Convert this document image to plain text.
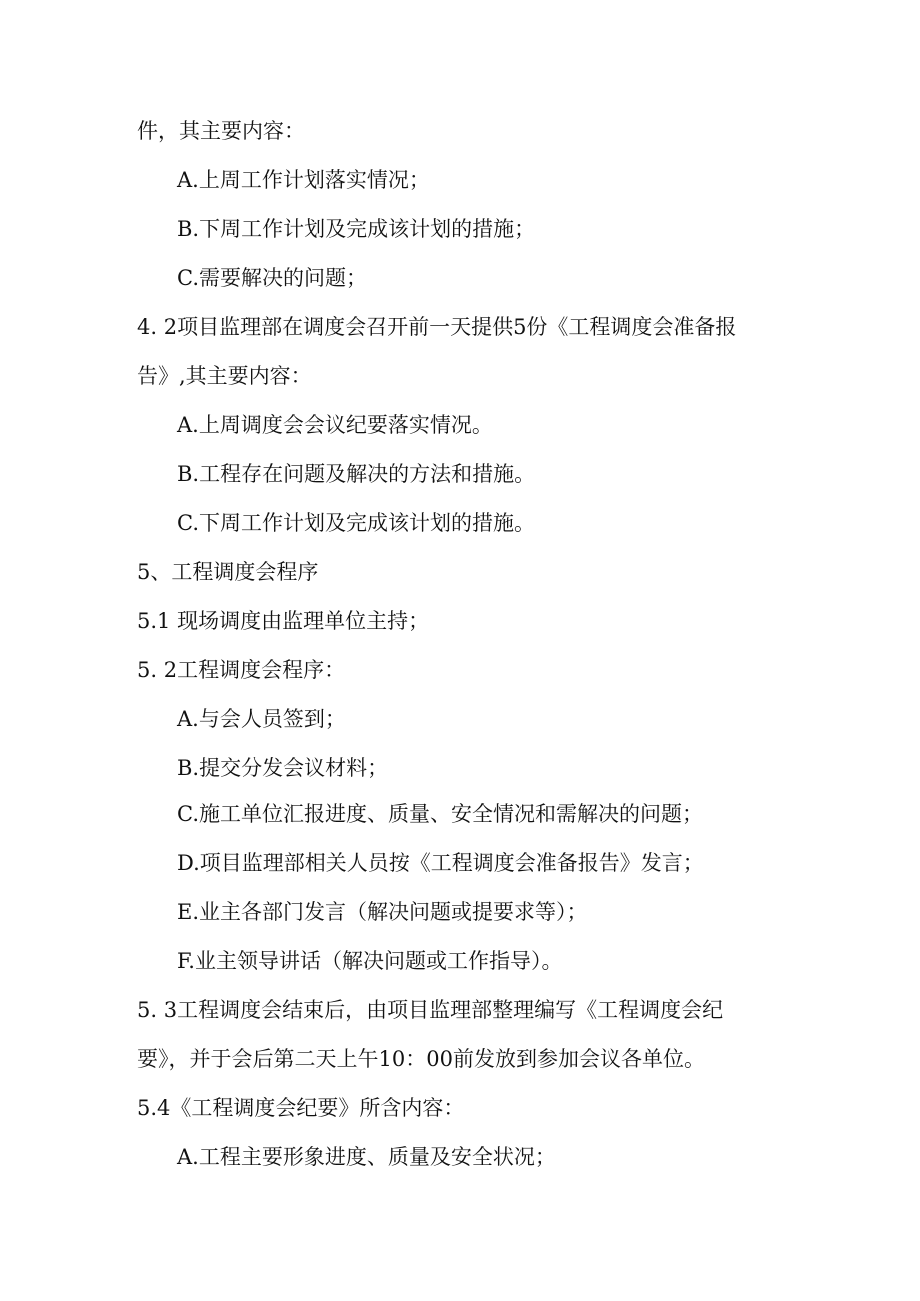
件，其主要内容：
A.上周工作计划落实情况；
B.下周工作计划及完成该计划的措施；
C.需要解决的问题；
4. 2项目监理部在调度会召开前一天提供5份《工程调度会准备报
告》,其主要内容：
A.上周调度会会议纪要落实情况。
B.工程存在问题及解决的方法和措施。
C.下周工作计划及完成该计划的措施。
5、工程调度会程序
5.1 现场调度由监理单位主持；
5. 2工程调度会程序：
A.与会人员签到；
B.提交分发会议材料；
C.施工单位汇报进度、质量、安全情况和需解决的问题；
D.项目监理部相关人员按《工程调度会准备报告》发言；
E.业主各部门发言（解决问题或提要求等）；
F.业主领导讲话（解决问题或工作指导）。
5. 3工程调度会结束后，由项目监理部整理编写《工程调度会纪
要》，并于会后第二天上午10：00前发放到参加会议各单位。
5.4《工程调度会纪要》所含内容：
A.工程主要形象进度、质量及安全状况；
